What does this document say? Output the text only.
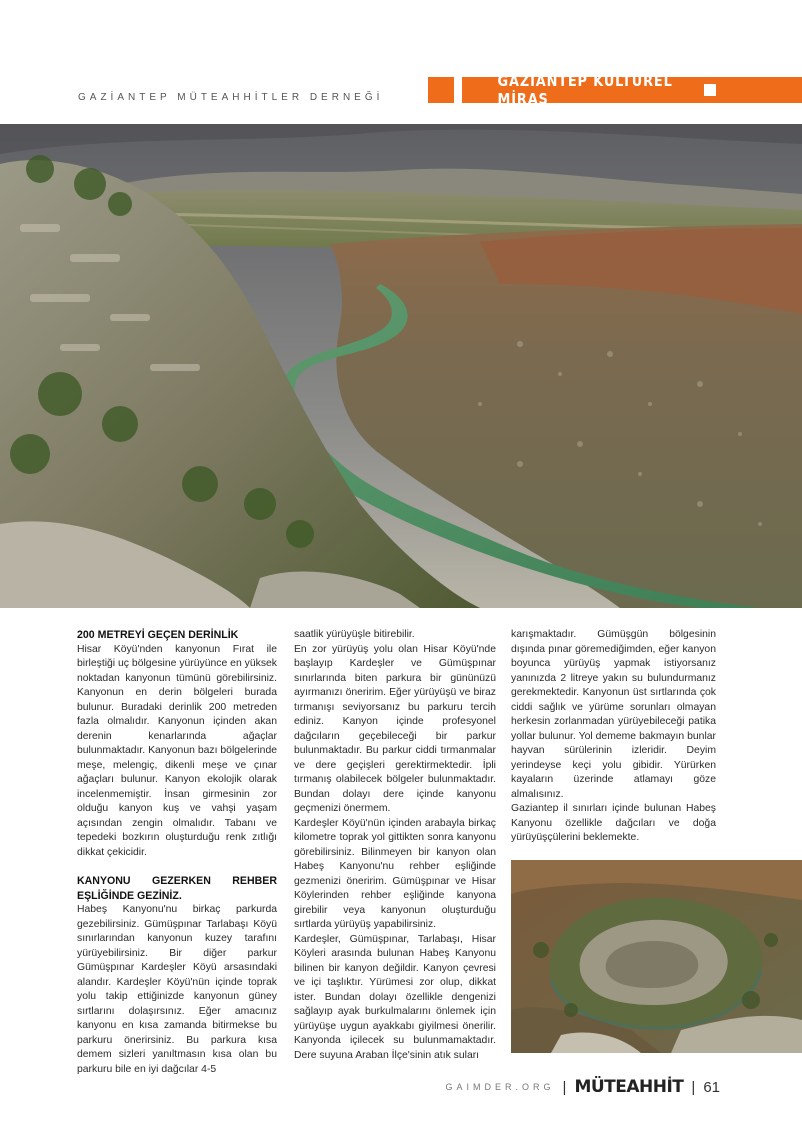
GAZİANTEP MÜTEAHHİTLER DERNEĞİ
GAZİANTEP KÜLTÜREL MİRAS

200 METREYİ GEÇEN DERİNLİK

Hisar Köyü'nden kanyonun Fırat ile birleştiği uç bölgesine yürüyünce en yüksek noktadan kanyonun tümünü görebilirsiniz. Kanyonun en derin bölgeleri burada bulunur. Buradaki derinlik 200 metreden fazla olmalıdır. Kanyonun içinden akan derenin kenarlarında ağaçlar bulunmaktadır. Kanyonun bazı bölgelerinde meşe, melengiç, dikenli meşe ve çınar ağaçları bulunur. Kanyon ekolojik olarak incelenmemiştir. İnsan girmesinin zor olduğu kanyon kuş ve vahşi yaşam açısından zengin olmalıdır. Tabanı ve tepedeki bozkırın oluşturduğu renk zıtlığı dikkat çekicidir.

KANYONU GEZERKEN REHBER EŞLİĞİNDE GEZİNİZ.

Habeş Kanyonu'nu birkaç parkurda gezebilirsiniz. Gümüşpınar Tarlabaşı Köyü sınırlarından kanyonun kuzey tarafını yürüyebilirsiniz. Bir diğer parkur Gümüşpınar Kardeşler Köyü arsasındaki alandır. Kardeşler Köyü'nün içinde toprak yolu takip ettiğinizde kanyonun güney sırtlarını dolaşırsınız. Eğer amacınız kanyonu en kısa zamanda bitirmekse bu parkuru önerirsiniz. Bu parkura kısa demem sizleri yanıltmasın kısa olan bu parkuru bile en iyi dağcılar 4-5

saatlik yürüyüşle bitirebilir.

En zor yürüyüş yolu olan Hisar Köyü'nde başlayıp Kardeşler ve Gümüşpınar sınırlarında biten parkura bir gününüzü ayırmanızı öneririm. Eğer yürüyüşü ve biraz tırmanışı seviyorsanız bu parkuru tercih ediniz. Kanyon içinde profesyonel dağcıların geçebileceği bir parkur bulunmaktadır. Bu parkur ciddi tırmanmalar ve dere geçişleri gerektirmektedir. İpli tırmanış olabilecek bölgeler bulunmaktadır. Bundan dolayı dere içinde kanyonu geçmenizi önermem.

Kardeşler Köyü'nün içinden arabayla birkaç kilometre toprak yol gittikten sonra kanyonu görebilirsiniz. Bilinmeyen bir kanyon olan Habeş Kanyonu'nu rehber eşliğinde gezmenizi öneririm. Gümüşpınar ve Hisar Köylerinden rehber eşliğinde kanyona girebilir veya kanyonun oluşturduğu sırtlarda yürüyüş yapabilirsiniz.

Kardeşler, Gümüşpınar, Tarlabaşı, Hisar Köyleri arasında bulunan Habeş Kanyonu bilinen bir kanyon değildir. Kanyon çevresi ve içi taşlıktır. Yürümesi zor olup, dikkat ister. Bundan dolayı özellikle dengenizi sağlayıp ayak burkulmalarını önlemek için yürüyüşe uygun ayakkabı giyilmesi önerilir. Kanyonda içilecek su bulunmamaktadır. Dere suyuna Araban İlçe'sinin atık suları

karışmaktadır. Gümüşgün bölgesinin dışında pınar göremediğimden, eğer kanyon boyunca yürüyüş yapmak istiyorsanız yanınızda 2 litreye yakın su bulundurmanız gerekmektedir. Kanyonun üst sırtlarında çok ciddi sağlık ve yürüme sorunları olmayan herkesin zorlanmadan yürüyebileceği patika yollar bulunur. Yol dememe bakmayın bunlar hayvan sürülerinin izleridir. Deyim yerindeyse keçi yolu gibidir. Yürürken kayaların üzerinde atlamayı göze almalısınız.

Gaziantep il sınırları içinde bulunan Habeş Kanyonu özellikle dağcıları ve doğa yürüyüşçülerini beklemekte.

GAIMDER.ORG | MÜTEAHHİT | 61
